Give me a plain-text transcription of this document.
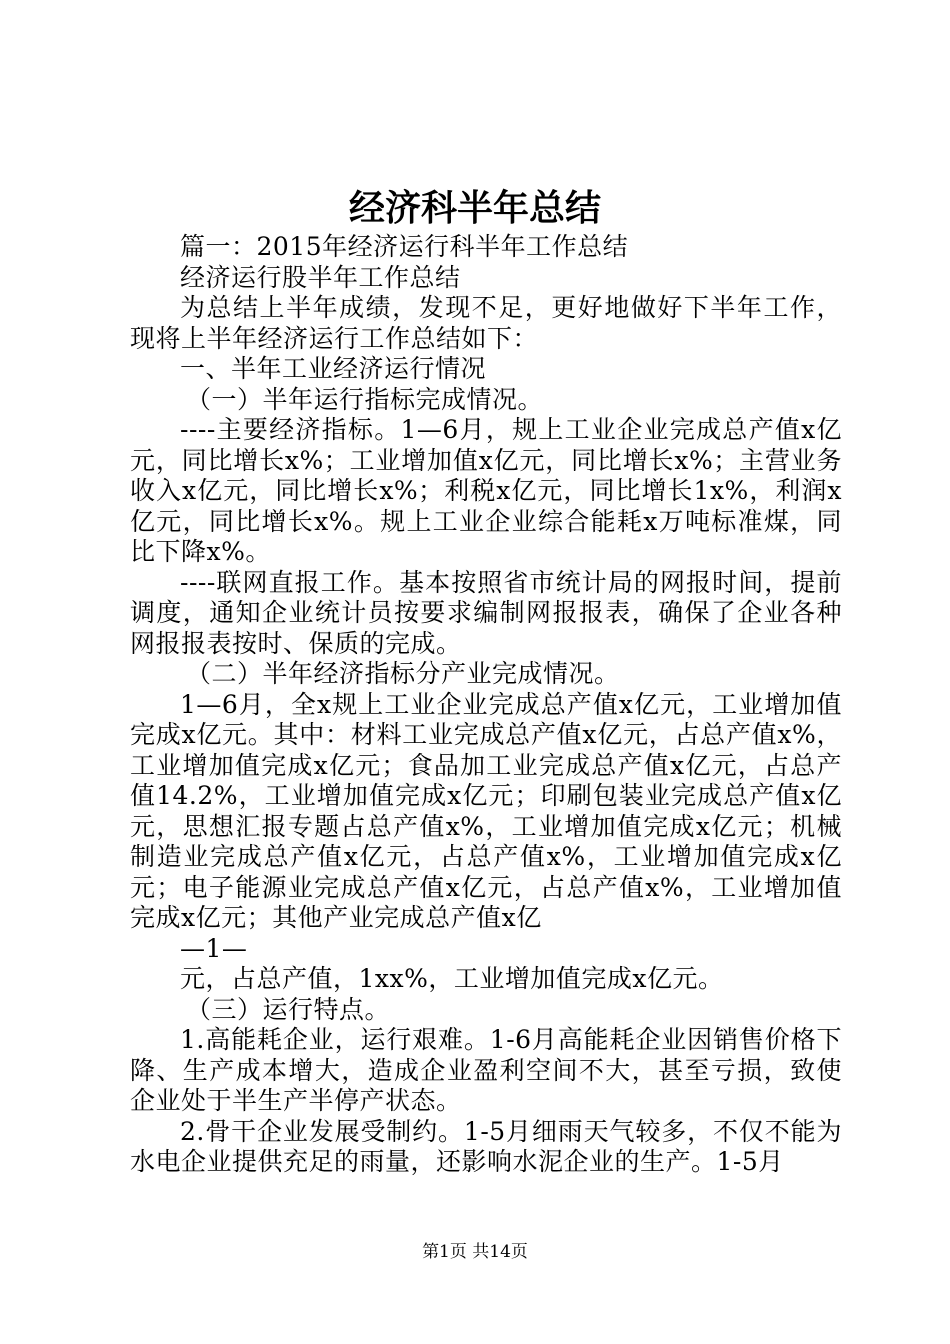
经济科半年总结

篇一：2015年经济运行科半年工作总结

经济运行股半年工作总结

为总结上半年成绩，发现不足，更好地做好下半年工作，现将上半年经济运行工作总结如下：

一、半年工业经济运行情况

（一）半年运行指标完成情况。

----主要经济指标。1—6月，规上工业企业完成总产值x亿元，同比增长x%；工业增加值x亿元，同比增长x%；主营业务收入x亿元，同比增长x%；利税x亿元，同比增长1x%，利润x亿元，同比增长x%。规上工业企业综合能耗x万吨标准煤，同比下降x%。

----联网直报工作。基本按照省市统计局的网报时间，提前调度，通知企业统计员按要求编制网报报表，确保了企业各种网报报表按时、保质的完成。

（二）半年经济指标分产业完成情况。

1—6月，全x规上工业企业完成总产值x亿元，工业增加值完成x亿元。其中：材料工业完成总产值x亿元，占总产值x%，工业增加值完成x亿元；食品加工业完成总产值x亿元，占总产值14.2%，工业增加值完成x亿元；印刷包装业完成总产值x亿元，思想汇报专题占总产值x%，工业增加值完成x亿元；机械制造业完成总产值x亿元，占总产值x%，工业增加值完成x亿元；电子能源业完成总产值x亿元，占总产值x%，工业增加值完成x亿元；其他产业完成总产值x亿

—1—

元，占总产值，1xx%，工业增加值完成x亿元。

（三）运行特点。

1.高能耗企业，运行艰难。1-6月高能耗企业因销售价格下降、生产成本增大，造成企业盈利空间不大，甚至亏损，致使企业处于半生产半停产状态。

2.骨干企业发展受制约。1-5月细雨天气较多，不仅不能为水电企业提供充足的雨量，还影响水泥企业的生产。1-5月

第1页 共14页
